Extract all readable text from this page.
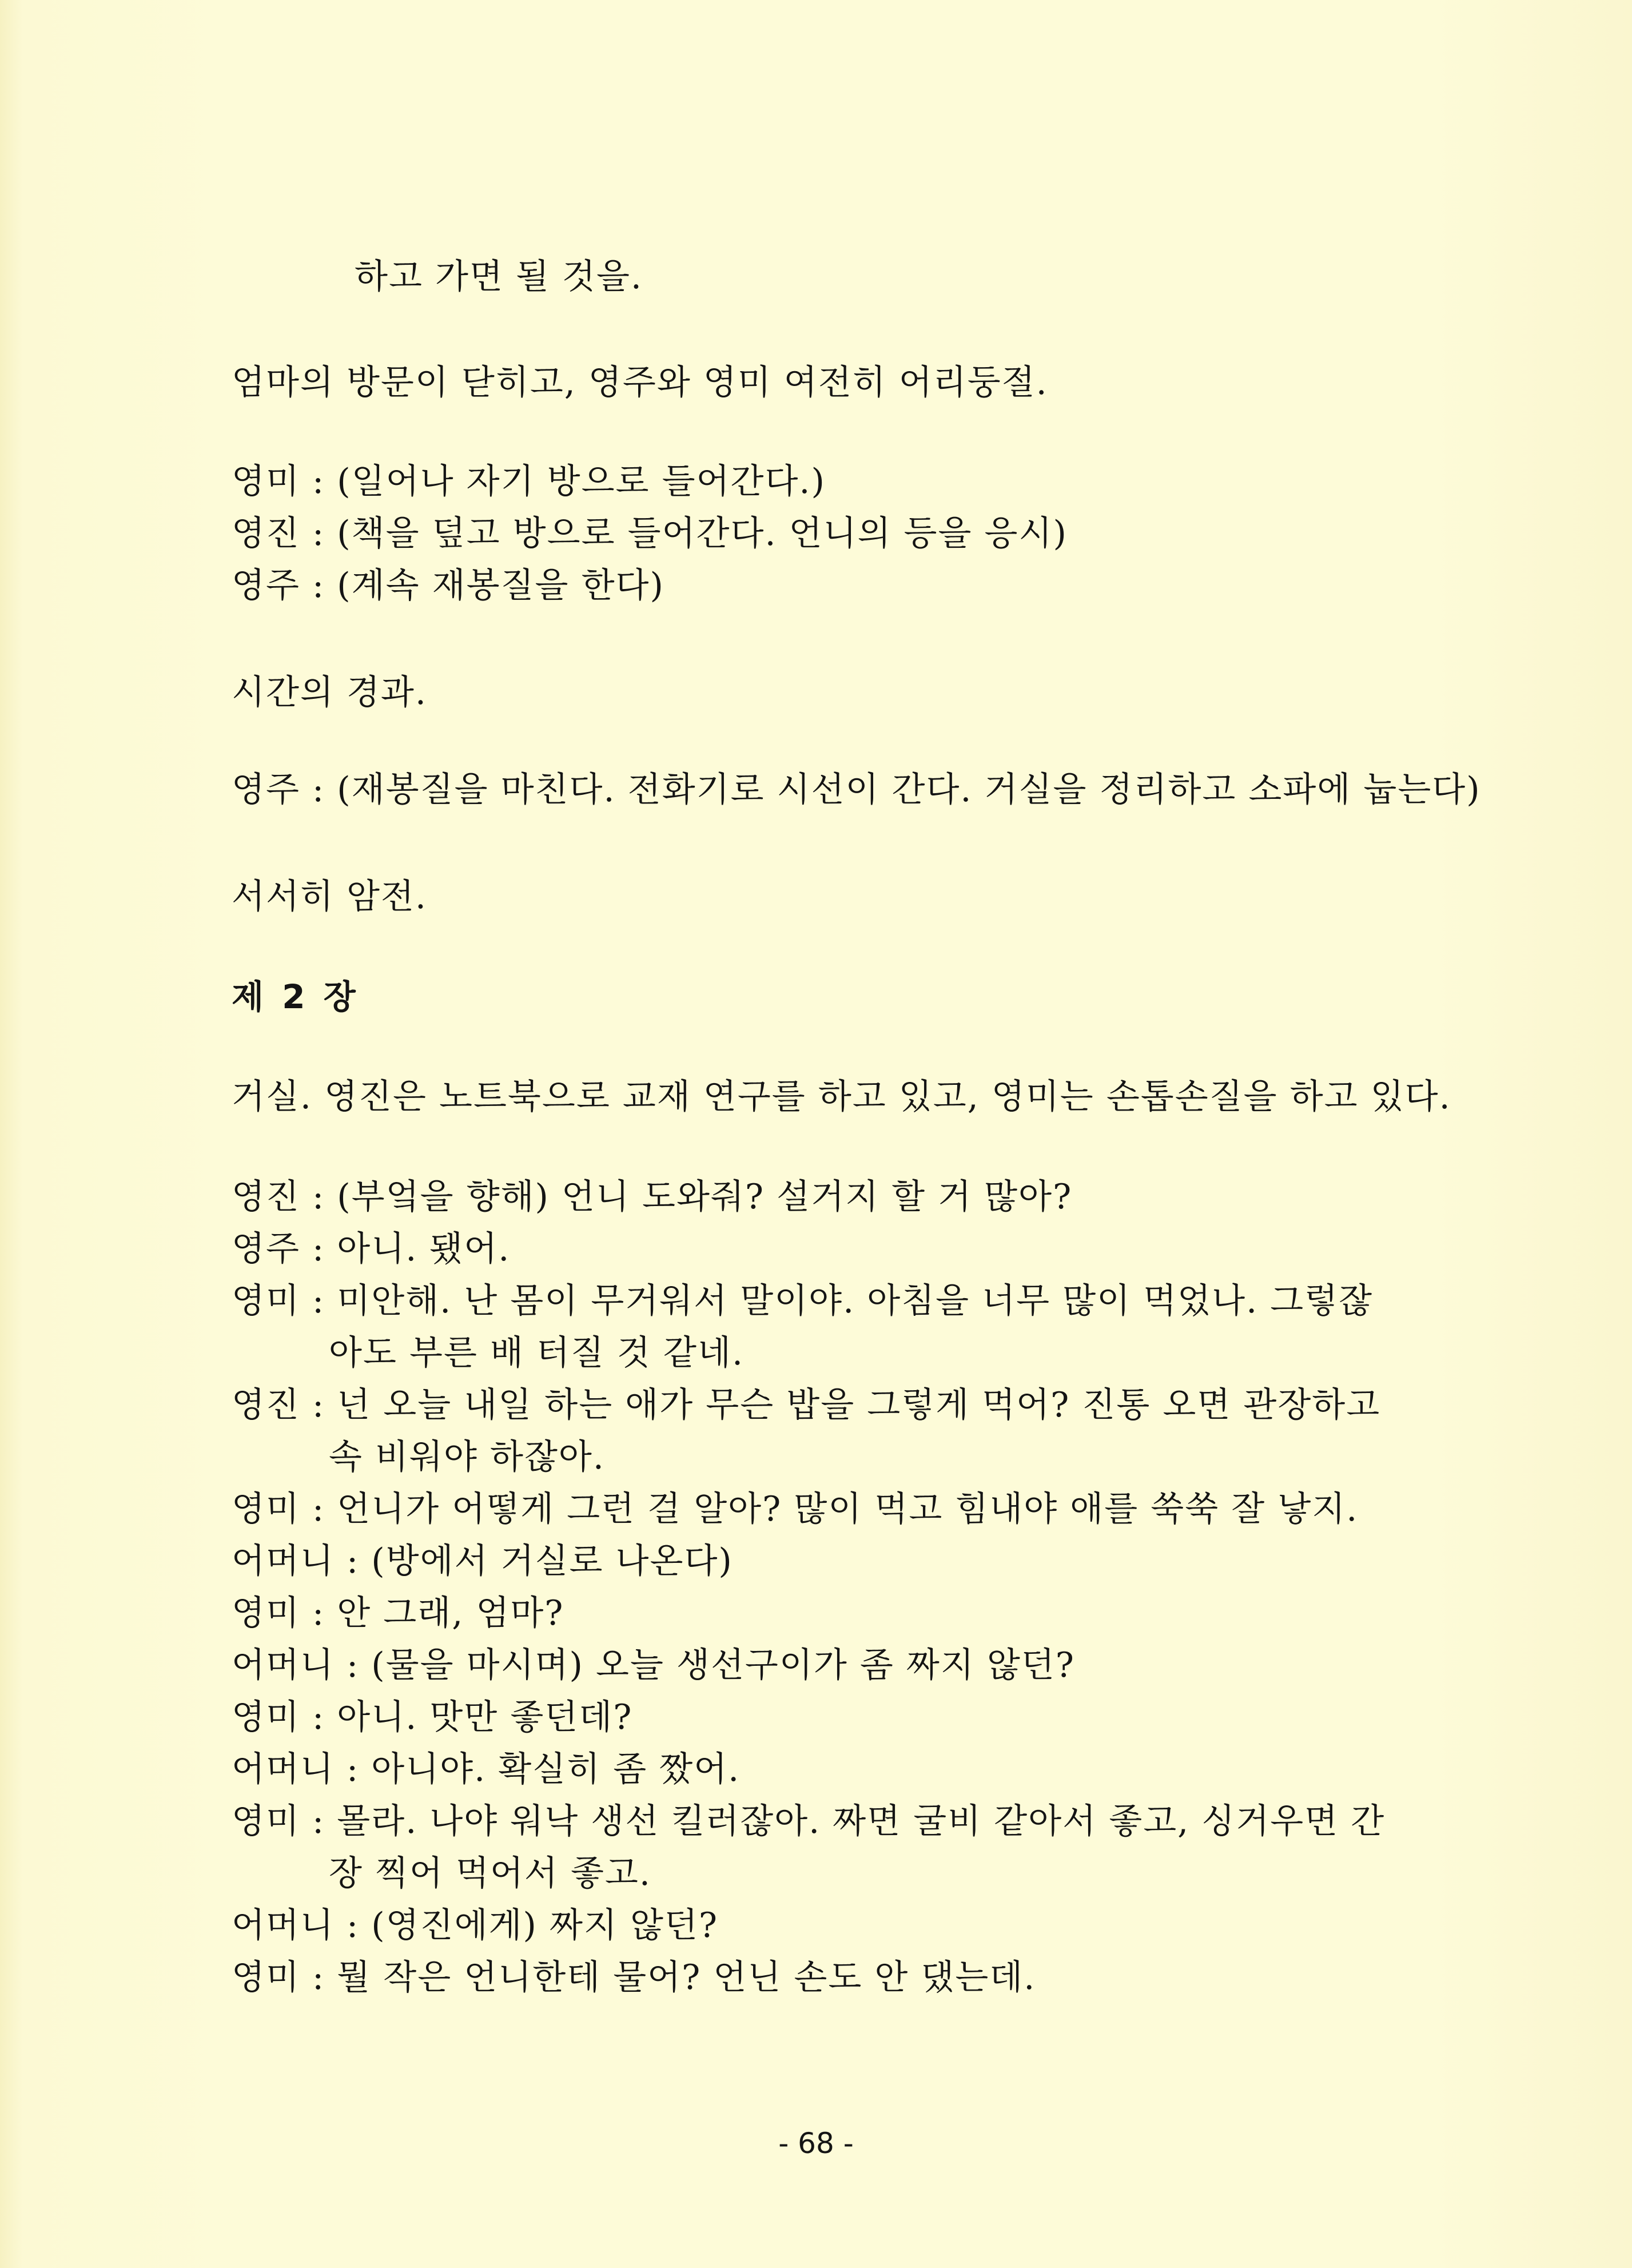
하고 가면 될 것을.
엄마의 방문이 닫히고, 영주와 영미 여전히 어리둥절.
영미 : (일어나 자기 방으로 들어간다.)
영진 : (책을 덮고 방으로 들어간다. 언니의 등을 응시)
영주 : (계속 재봉질을 한다)
시간의 경과.
영주 : (재봉질을 마친다. 전화기로 시선이 간다. 거실을 정리하고 소파에 눕는다)
서서히 암전.
제 2 장
거실. 영진은 노트북으로 교재 연구를 하고 있고, 영미는 손톱손질을 하고 있다.
영진 : (부엌을 향해) 언니 도와줘? 설거지 할 거 많아?
영주 : 아니. 됐어.
영미 : 미안해. 난 몸이 무거워서 말이야. 아침을 너무 많이 먹었나. 그렇잖
아도 부른 배 터질 것 같네.
영진 : 넌 오늘 내일 하는 애가 무슨 밥을 그렇게 먹어? 진통 오면 관장하고
속 비워야 하잖아.
영미 : 언니가 어떻게 그런 걸 알아? 많이 먹고 힘내야 애를 쑥쑥 잘 낳지.
어머니 : (방에서 거실로 나온다)
영미 : 안 그래, 엄마?
어머니 : (물을 마시며) 오늘 생선구이가 좀 짜지 않던?
영미 : 아니. 맛만 좋던데?
어머니 : 아니야. 확실히 좀 짰어.
영미 : 몰라. 나야 워낙 생선 킬러잖아. 짜면 굴비 같아서 좋고, 싱거우면 간
장 찍어 먹어서 좋고.
어머니 : (영진에게) 짜지 않던?
영미 : 뭘 작은 언니한테 물어? 언닌 손도 안 댔는데.
- 68 -
